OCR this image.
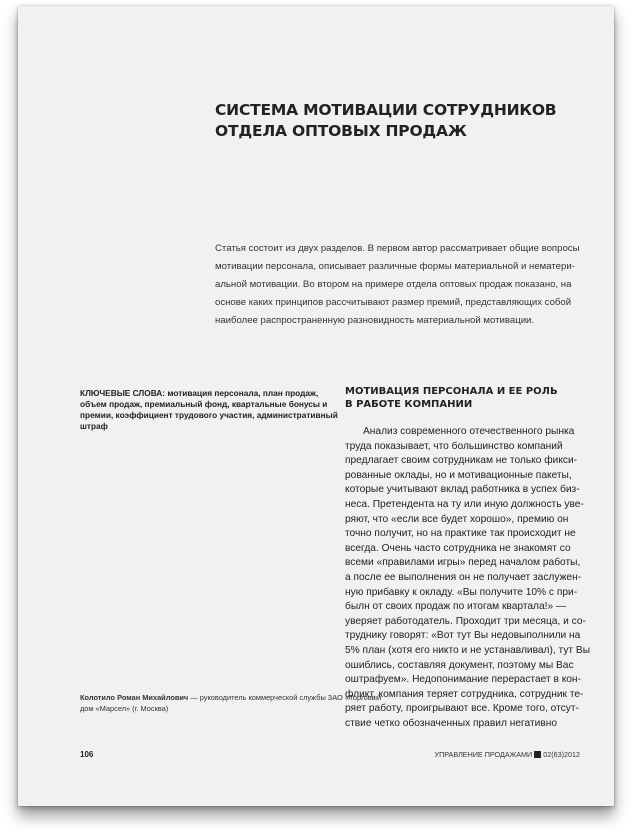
СИСТЕМА МОТИВАЦИИ СОТРУДНИКОВ
ОТДЕЛА ОПТОВЫХ ПРОДАЖ

Статья состоит из двух разделов. В первом автор рассматривает общие вопросы
мотивации персонала, описывает различные формы материальной и нематери-
альной мотивации. Во втором на примере отдела оптовых продаж показано, на
основе каких принципов рассчитывают размер премий, представляющих собой
наиболее распространенную разновидность материальной мотивации.

КЛЮЧЕВЫЕ СЛОВА: мотивация персонала, план продаж,
объем продаж, премиальный фонд, квартальные бонусы и
премии, коэффициент трудового участия, административный
штраф

Колотило Роман Михайлович — руководитель коммерческой службы ЗАО «Торговый
дом «Марсел» (г. Москва)

МОТИВАЦИЯ ПЕРСОНАЛА И ЕЕ РОЛЬ
В РАБОТЕ КОМПАНИИ

Анализ современного отечественного рынка
труда показывает, что большинство компаний
предлагает своим сотрудникам не только фикси-
рованные оклады, но и мотивационные пакеты,
которые учитывают вклад работника в успех биз-
неса. Претендента на ту или иную должность уве-
ряют, что «если все будет хорошо», премию он
точно получит, но на практике так происходит не
всегда. Очень часто сотрудника не знакомят со
всеми «правилами игры» перед началом работы,
а после ее выполнения он не получает заслужен-
ную прибавку к окладу. «Вы получите 10% с при-
былн от своих продаж по итогам квартала!» —
уверяет работодатель. Проходит три месяца, и со-
труднику говорят: «Вот тут Вы недовыполнили на
5% план (хотя его никто и не устанавливал), тут Вы
ошиблись, составляя документ, поэтому мы Вас
оштрафуем». Недопонимание перерастает в кон-
фликт, компания теряет сотрудника, сотрудник те-
ряет работу, проигрывают все. Кроме того, отсут-
ствие четко обозначенных правил негативно

106	УПРАВЛЕНИЕ ПРОДАЖАМИ 02(63)2012
